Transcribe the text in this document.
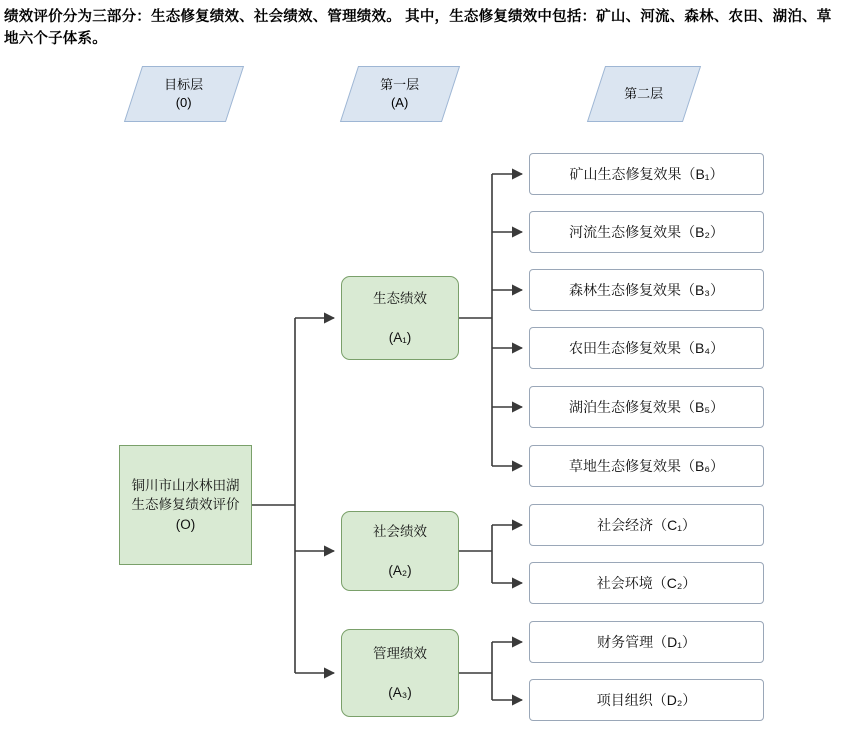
绩效评价分为三部分：生态修复绩效、社会绩效、管理绩效。 其中，生态修复绩效中包括：矿山、河流、森林、农田、湖泊、草地六个子体系。
目标层
(0)
第一层
(A)
第二层
铜川市山水林田湖生态修复绩效评价(O)
生态绩效

(A₁)
社会绩效

(A₂)
管理绩效

(A₃)
矿山生态修复效果（B₁）
河流生态修复效果（B₂）
森林生态修复效果（B₃）
农田生态修复效果（B₄）
湖泊生态修复效果（B₅）
草地生态修复效果（B₆）
社会经济（C₁）
社会环境（C₂）
财务管理（D₁）
项目组织（D₂）
